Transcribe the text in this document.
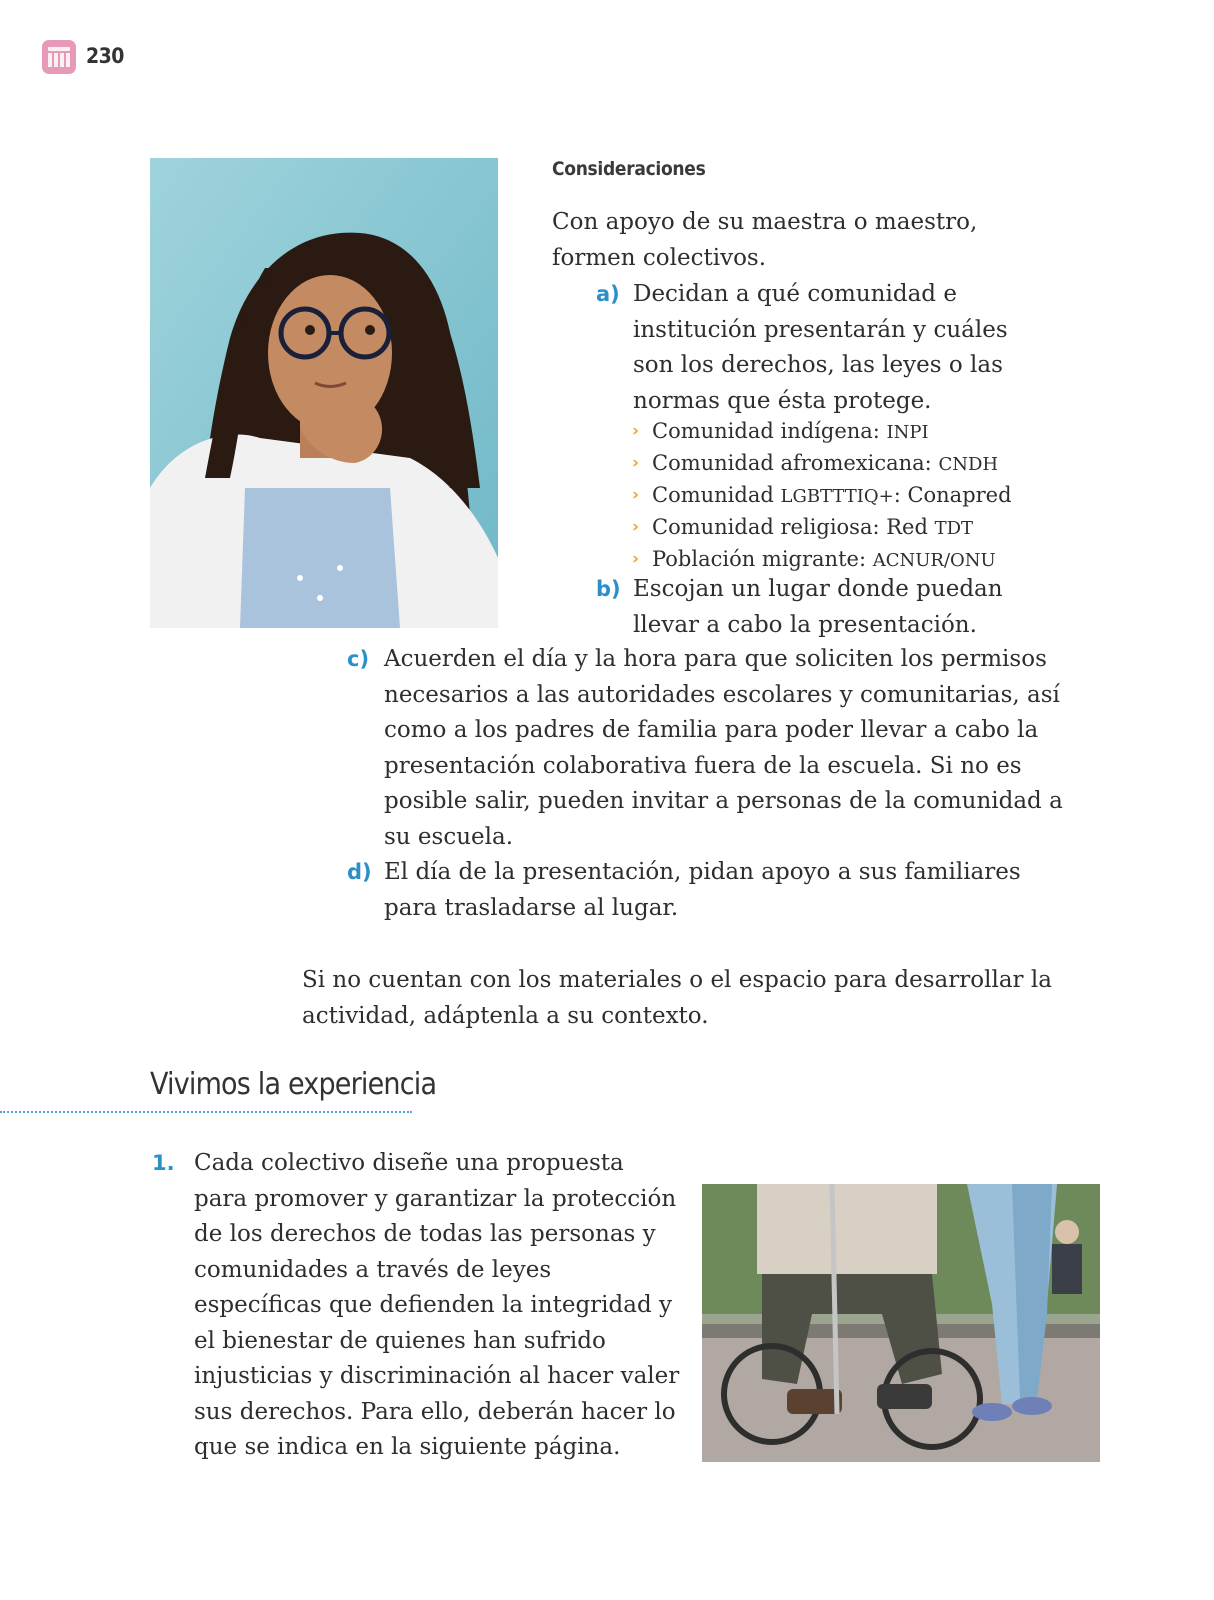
230
Consideraciones
Con apoyo de su maestra o maestro, formen colectivos.
a) Decidan a qué comunidad e institución presentarán y cuáles son los derechos, las leyes o las normas que ésta protege.
› Comunidad indígena: INPI
› Comunidad afromexicana: CNDH
› Comunidad LGBTTTIQ+: Conapred
› Comunidad religiosa: Red TDT
› Población migrante: ACNUR/ONU
b) Escojan un lugar donde puedan llevar a cabo la presentación.
c) Acuerden el día y la hora para que soliciten los permisos necesarios a las autoridades escolares y comunitarias, así como a los padres de familia para poder llevar a cabo la presentación colaborativa fuera de la escuela. Si no es posible salir, pueden invitar a personas de la comunidad a su escuela.
d) El día de la presentación, pidan apoyo a sus familiares para trasladarse al lugar.
Si no cuentan con los materiales o el espacio para desarrollar la actividad, adáptenla a su contexto.
Vivimos la experiencia
1. Cada colectivo diseñe una propuesta para promover y garantizar la protección de los derechos de todas las personas y comunidades a través de leyes específicas que defienden la integridad y el bienestar de quienes han sufrido injusticias y discriminación al hacer valer sus derechos. Para ello, deberán hacer lo que se indica en la siguiente página.
